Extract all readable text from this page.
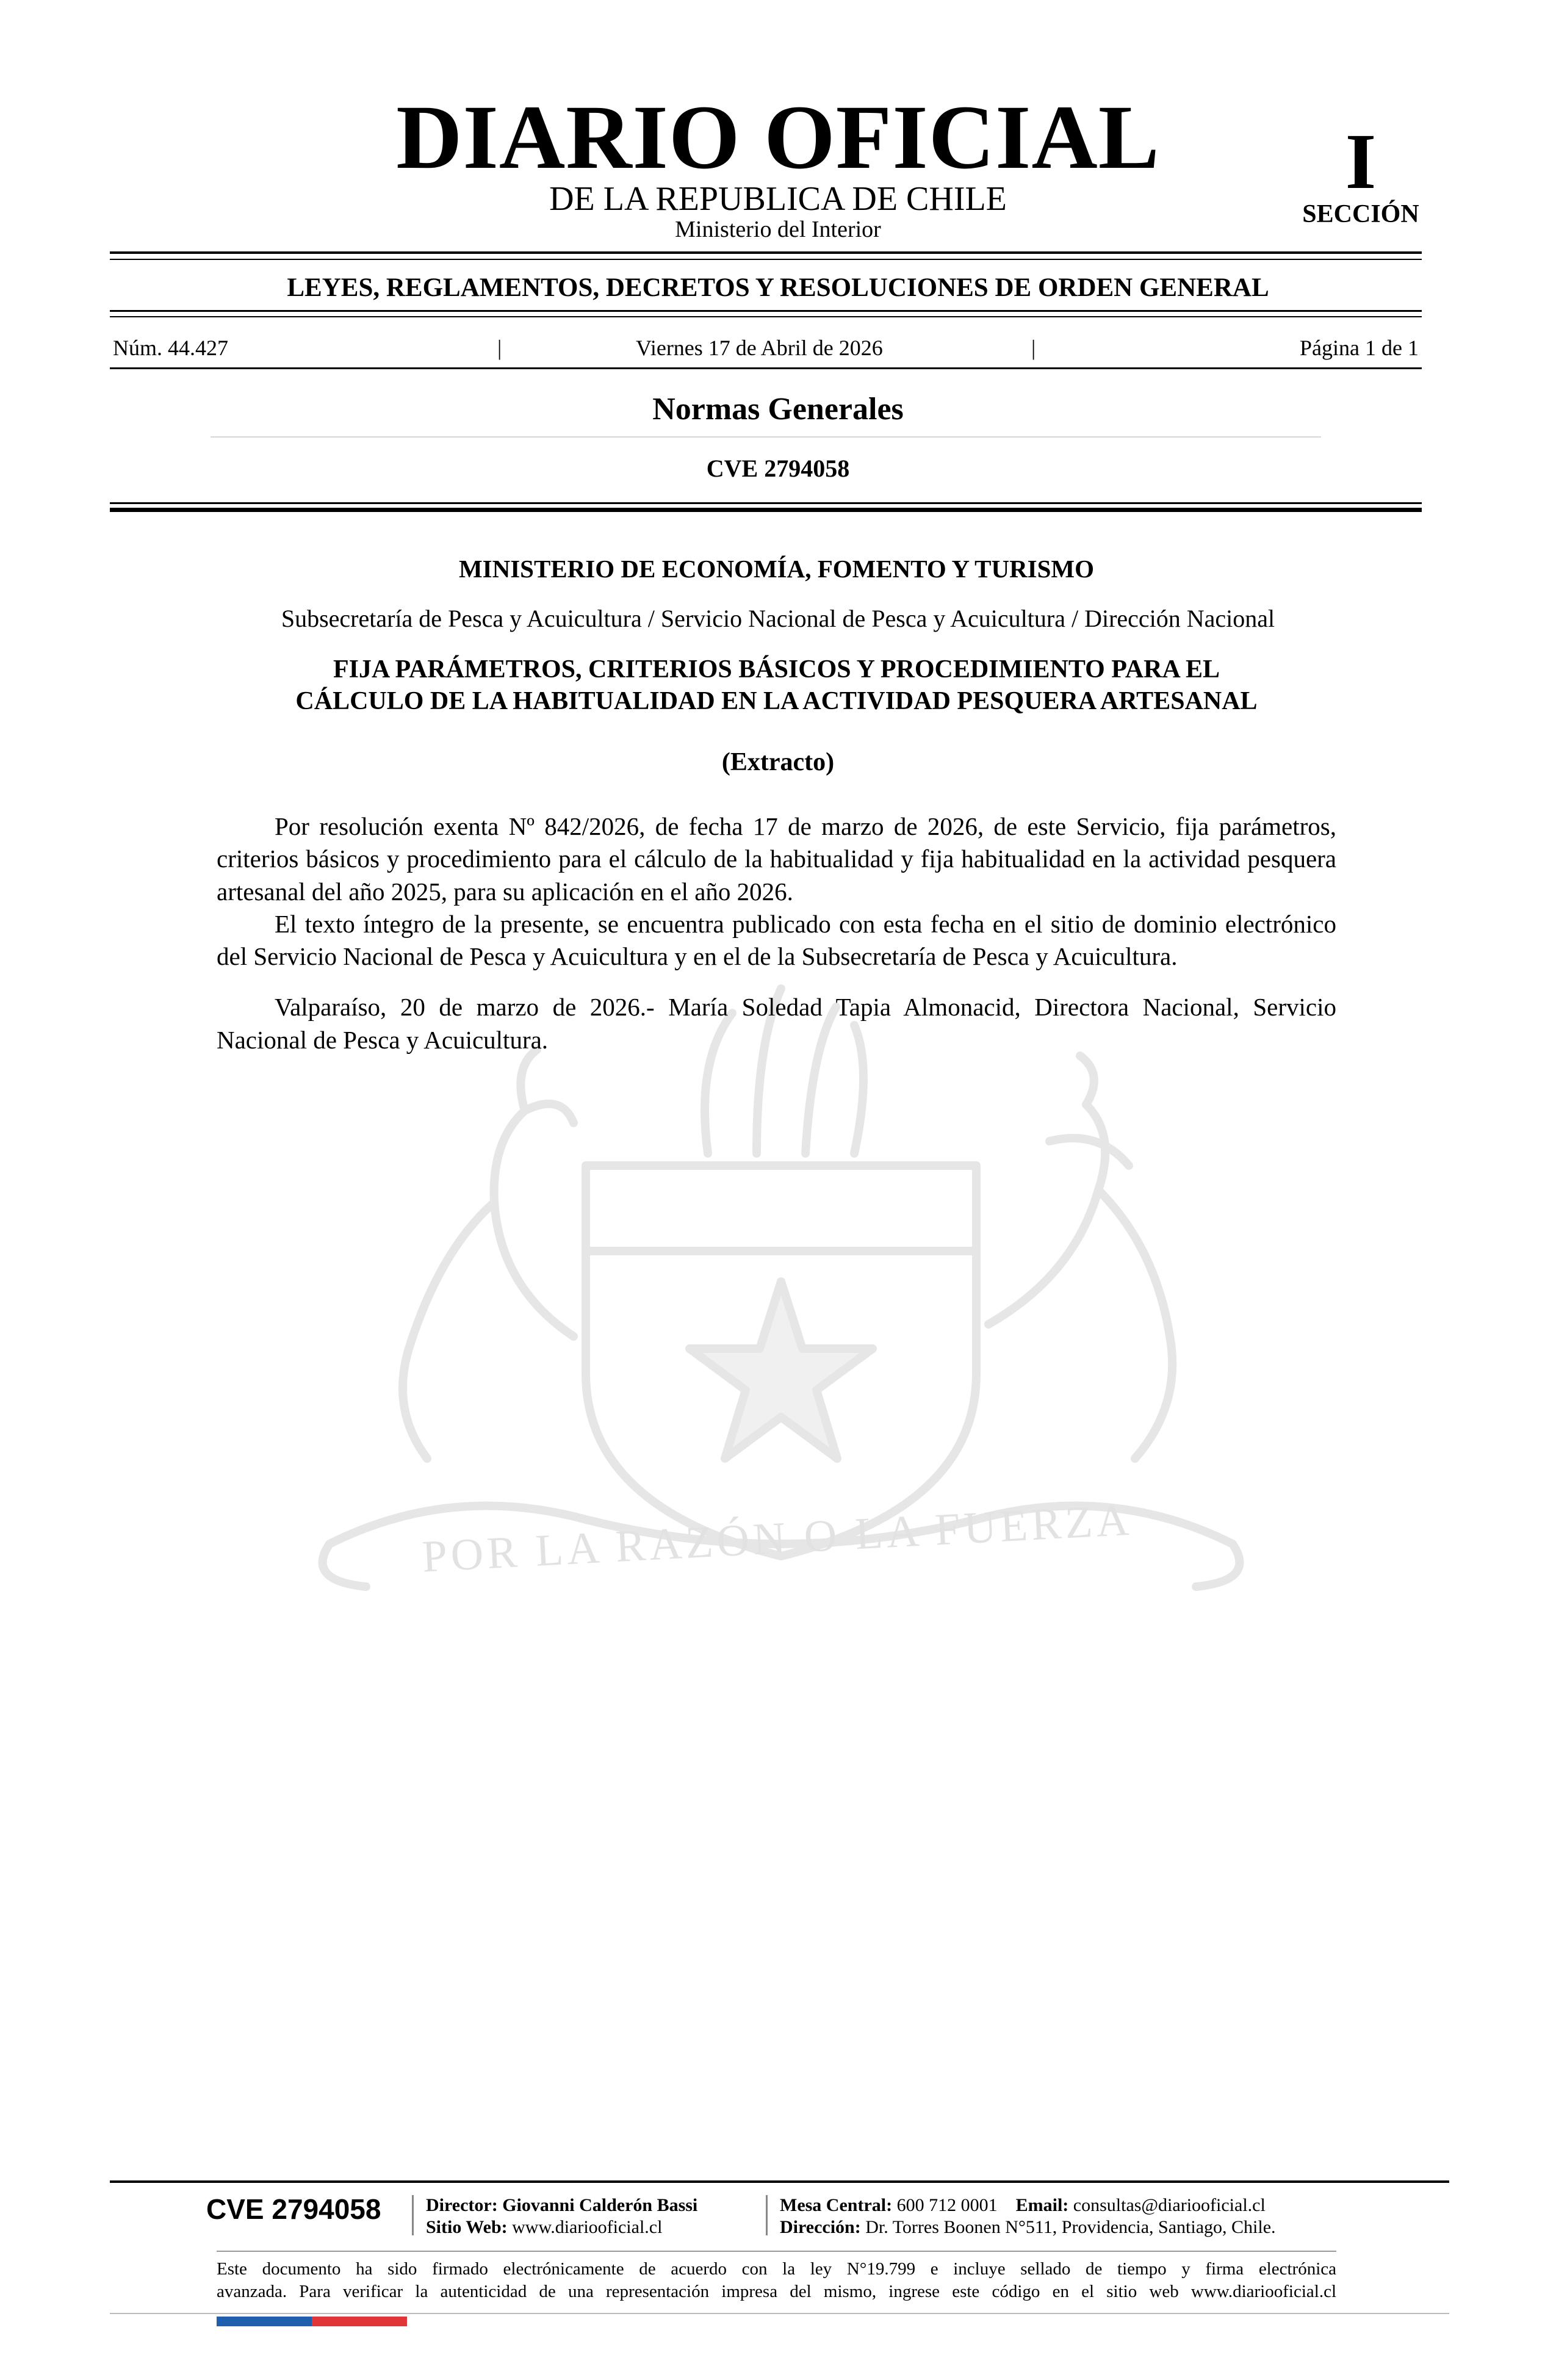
POR LA RAZÓN O LA FUERZA
DIARIO OFICIAL
DE LA REPUBLICA DE CHILE
Ministerio del Interior
I
SECCIÓN
LEYES, REGLAMENTOS, DECRETOS Y RESOLUCIONES DE ORDEN GENERAL
Núm. 44.427	|	Viernes 17 de Abril de 2026	|	Página 1 de 1
Normas Generales
CVE 2794058
MINISTERIO DE ECONOMÍA, FOMENTO Y TURISMO
Subsecretaría de Pesca y Acuicultura / Servicio Nacional de Pesca y Acuicultura / Dirección Nacional
FIJA PARÁMETROS, CRITERIOS BÁSICOS Y PROCEDIMIENTO PARA EL
CÁLCULO DE LA HABITUALIDAD EN LA ACTIVIDAD PESQUERA ARTESANAL
(Extracto)

Por resolución exenta Nº 842/2026, de fecha 17 de marzo de 2026, de este Servicio, fija parámetros, criterios básicos y procedimiento para el cálculo de la habitualidad y fija habitualidad en la actividad pesquera artesanal del año 2025, para su aplicación en el año 2026.

El texto íntegro de la presente, se encuentra publicado con esta fecha en el sitio de dominio electrónico del Servicio Nacional de Pesca y Acuicultura y en el de la Subsecretaría de Pesca y Acuicultura.

Valparaíso, 20 de marzo de 2026.- María Soledad Tapia Almonacid, Directora Nacional, Servicio Nacional de Pesca y Acuicultura.

CVE 2794058 Director: Giovanni Calderón Bassi
Sitio Web: www.diariooficial.cl
Mesa Central: 600 712 0001 Email: consultas@diariooficial.cl
Dirección: Dr. Torres Boonen N°511, Providencia, Santiago, Chile.
Este documento ha sido firmado electrónicamente de acuerdo con la ley N°19.799 e incluye sellado de tiempo y firma electrónica
avanzada. Para verificar la autenticidad de una representación impresa del mismo, ingrese este código en el sitio web www.diariooficial.cl
